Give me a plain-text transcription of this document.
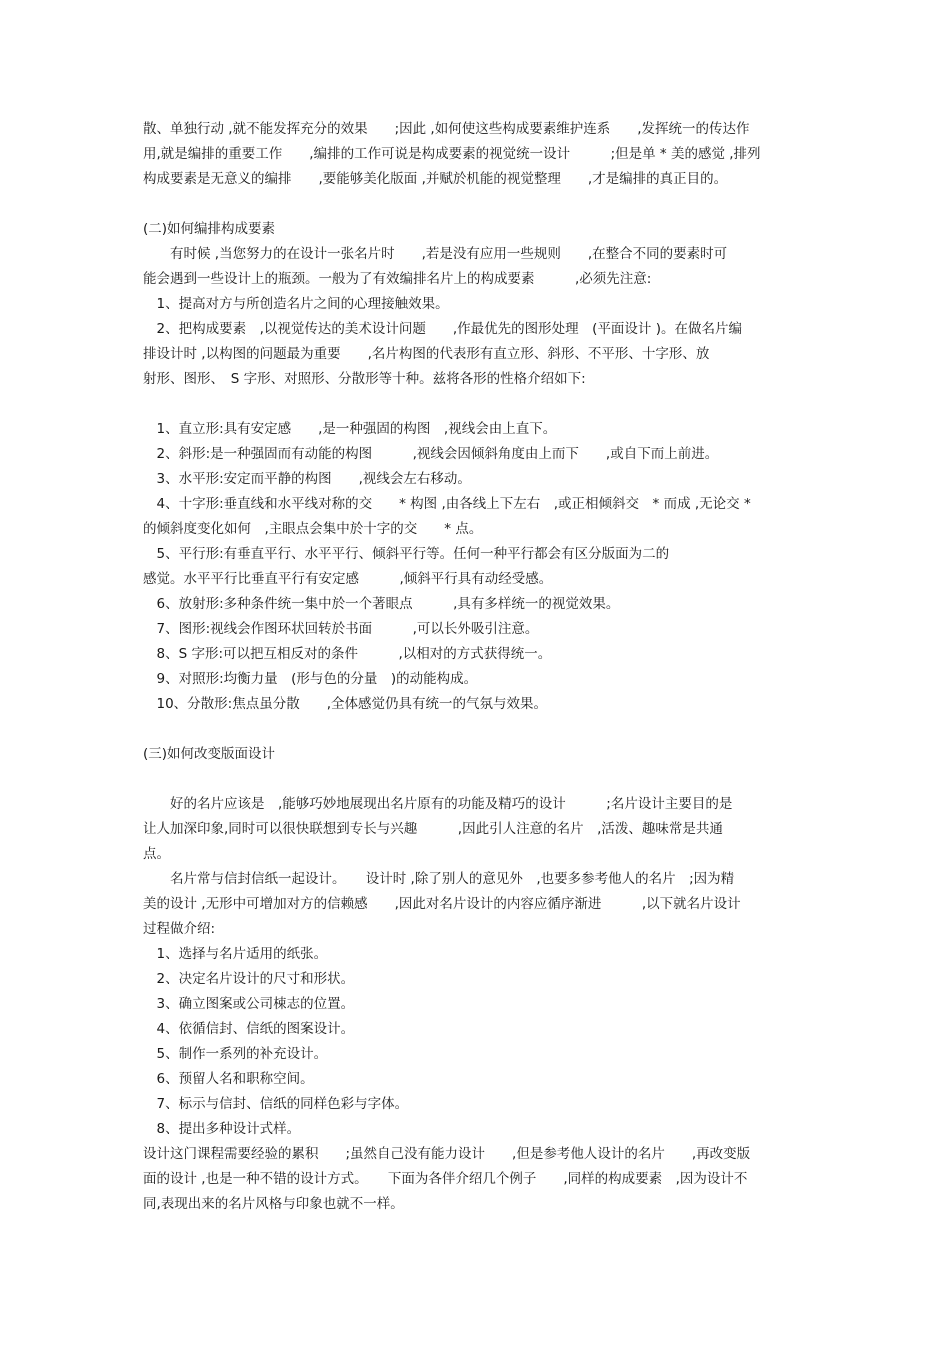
散、单独行动 ,就不能发挥充分的效果　　;因此 ,如何使这些构成要素维护连系　　,发挥统一的传达作
用,就是编排的重要工作　　,编排的工作可说是构成要素的视觉统一设计　　　;但是单 * 美的感觉 ,排列
构成要素是无意义的编排　　,要能够美化版面 ,并赋於机能的视觉整理　　,才是编排的真正目的。
(二)如何编排构成要素
　　有时候 ,当您努力的在设计一张名片时　　,若是没有应用一些规则　　,在整合不同的要素时可
能会遇到一些设计上的瓶颈。一般为了有效编排名片上的构成要素　　　,必须先注意:
　1、提高对方与所创造名片之间的心理接触效果。
　2、把构成要素　,以视觉传达的美术设计问题　　,作最优先的图形处理　(平面设计 )。在做名片编
排设计时 ,以构图的问题最为重要　　,名片构图的代表形有直立形、斜形、不平形、十字形、放
射形、图形、　S 字形、对照形、分散形等十种。兹将各形的性格介绍如下:
　1、直立形:具有安定感　　,是一种强固的构图　,视线会由上直下。
　2、斜形:是一种强固而有动能的构图　　　,视线会因倾斜角度由上而下　　,或自下而上前进。
　3、水平形:安定而平静的构图　　,视线会左右移动。
　4、十字形:垂直线和水平线对称的交　　* 构图 ,由各线上下左右　,或正相倾斜交　* 而成 ,无论交 *
的倾斜度变化如何　,主眼点会集中於十字的交　　* 点。
　5、平行形:有垂直平行、水平平行、倾斜平行等。任何一种平行都会有区分版面为二的
感觉。水平平行比垂直平行有安定感　　　,倾斜平行具有动经受感。
　6、放射形:多种条件统一集中於一个著眼点　　　,具有多样统一的视觉效果。
　7、图形:视线会作图环状回转於书面　　　,可以长外吸引注意。
　8、S 字形:可以把互相反对的条件　　　,以相对的方式获得统一。
　9、对照形:均衡力量　(形与色的分量　)的动能构成。
　10、分散形:焦点虽分散　　,全体感觉仍具有统一的气氛与效果。
(三)如何改变版面设计
　　好的名片应该是　,能够巧妙地展现出名片原有的功能及精巧的设计　　　;名片设计主要目的是
让人加深印象,同时可以很快联想到专长与兴趣　　　,因此引人注意的名片　,活泼、趣味常是共通
点。
　　名片常与信封信纸一起设计。　　设计时 ,除了别人的意见外　,也要多参考他人的名片　;因为精
美的设计 ,无形中可增加对方的信赖感　　,因此对名片设计的内容应循序渐进　　　,以下就名片设计
过程做介绍:
　1、选择与名片适用的纸张。
　2、决定名片设计的尺寸和形状。
　3、确立图案或公司梀志的位置。
　4、依循信封、信纸的图案设计。
　5、制作一系列的补充设计。
　6、预留人名和职称空间。
　7、标示与信封、信纸的同样色彩与字体。
　8、提出多种设计式样。
设计这门课程需要经验的累积　　;虽然自己没有能力设计　　,但是参考他人设计的名片　　,再改变版
面的设计 ,也是一种不错的设计方式。　　下面为各伴介绍几个例子　　,同样的构成要素　,因为设计不
同,表现出来的名片风格与印象也就不一样。
